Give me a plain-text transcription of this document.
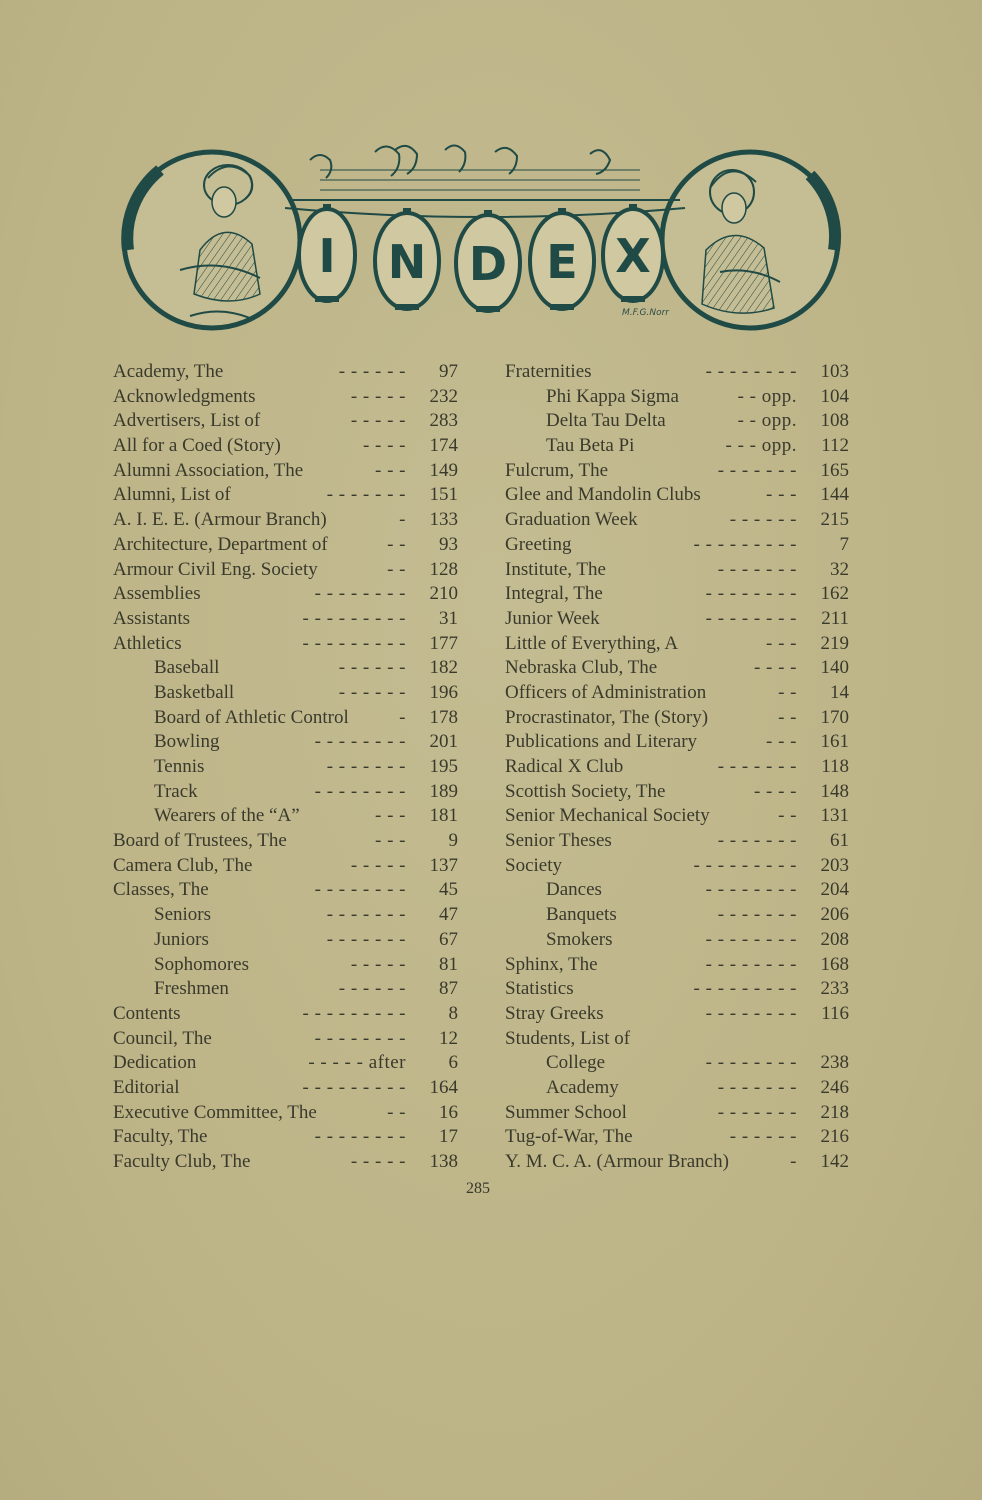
I N D E X
M.F.G.Norr
Academy, The	- - - - - - 97
Acknowledgments	- - - - - 232
Advertisers, List of	- - - - - 283
All for a Coed (Story)	- - - - 174
Alumni Association, The	- - - 149
Alumni, List of	- - - - - - - 151
A. I. E. E. (Armour Branch)	- 133
Architecture, Department of	- - 93
Armour Civil Eng. Society	- - 128
Assemblies	- - - - - - - - 210
Assistants	- - - - - - - - - 31
Athletics	- - - - - - - - - 177
Baseball	- - - - - - 182
Basketball	- - - - - - 196
Board of Athletic Control	- 178
Bowling	- - - - - - - - 201
Tennis	- - - - - - - 195
Track	- - - - - - - - 189
Wearers of the “A”	- - - 181
Board of Trustees, The	- - - 9
Camera Club, The	- - - - - 137
Classes, The	- - - - - - - - 45
Seniors	- - - - - - - 47
Juniors	- - - - - - - 67
Sophomores	- - - - - 81
Freshmen	- - - - - - 87
Contents	- - - - - - - - - 8
Council, The	- - - - - - - - 12
Dedication	- - - - - after 6
Editorial	- - - - - - - - - 164
Executive Committee, The	- - 16
Faculty, The	- - - - - - - - 17
Faculty Club, The	- - - - - 138
Fraternities	- - - - - - - - 103
Phi Kappa Sigma	- - opp. 104
Delta Tau Delta	- - opp. 108
Tau Beta Pi	- - - opp. 112
Fulcrum, The	- - - - - - - 165
Glee and Mandolin Clubs	- - - 144
Graduation Week	- - - - - - 215
Greeting	- - - - - - - - - 7
Institute, The	- - - - - - - 32
Integral, The	- - - - - - - - 162
Junior Week	- - - - - - - - 211
Little of Everything, A	- - - 219
Nebraska Club, The	- - - - 140
Officers of Administration	- - 14
Procrastinator, The (Story)	- - 170
Publications and Literary	- - - 161
Radical X Club	- - - - - - - 118
Scottish Society, The	- - - - 148
Senior Mechanical Society	- - 131
Senior Theses	- - - - - - - 61
Society	- - - - - - - - - 203
Dances	- - - - - - - - 204
Banquets	- - - - - - - 206
Smokers	- - - - - - - - 208
Sphinx, The	- - - - - - - - 168
Statistics	- - - - - - - - - 233
Stray Greeks	- - - - - - - - 116
Students, List of
College	- - - - - - - - 238
Academy	- - - - - - - 246
Summer School	- - - - - - - 218
Tug-of-War, The	- - - - - - 216
Y. M. C. A. (Armour Branch)	- 142
285
